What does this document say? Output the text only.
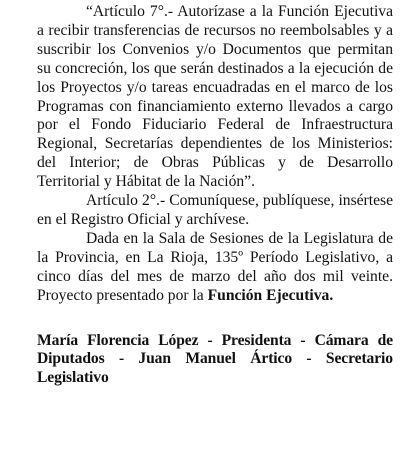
“Artículo 7°.- Autorízase a la Función Ejecutiva a recibir transferencias de recursos no reembolsables y a suscribir los Convenios y/o Documentos que permitan su concreción, los que serán destinados a la ejecución de los Proyectos y/o tareas encuadradas en el marco de los Programas con financiamiento externo llevados a cargo por el Fondo Fiduciario Federal de Infraestructura Regional, Secretarías dependientes de los Ministerios: del Interior; de Obras Públicas y de Desarrollo Territorial y Hábitat de la Nación”.

Artículo 2°.- Comuníquese, publíquese, insértese en el Registro Oficial y archívese.

Dada en la Sala de Sesiones de la Legislatura de la Provincia, en La Rioja, 135º Período Legislativo, a cinco días del mes de marzo del año dos mil veinte. Proyecto presentado por la Función Ejecutiva.

María Florencia López - Presidenta - Cámara de Diputados - Juan Manuel Ártico - Secretario Legislativo
